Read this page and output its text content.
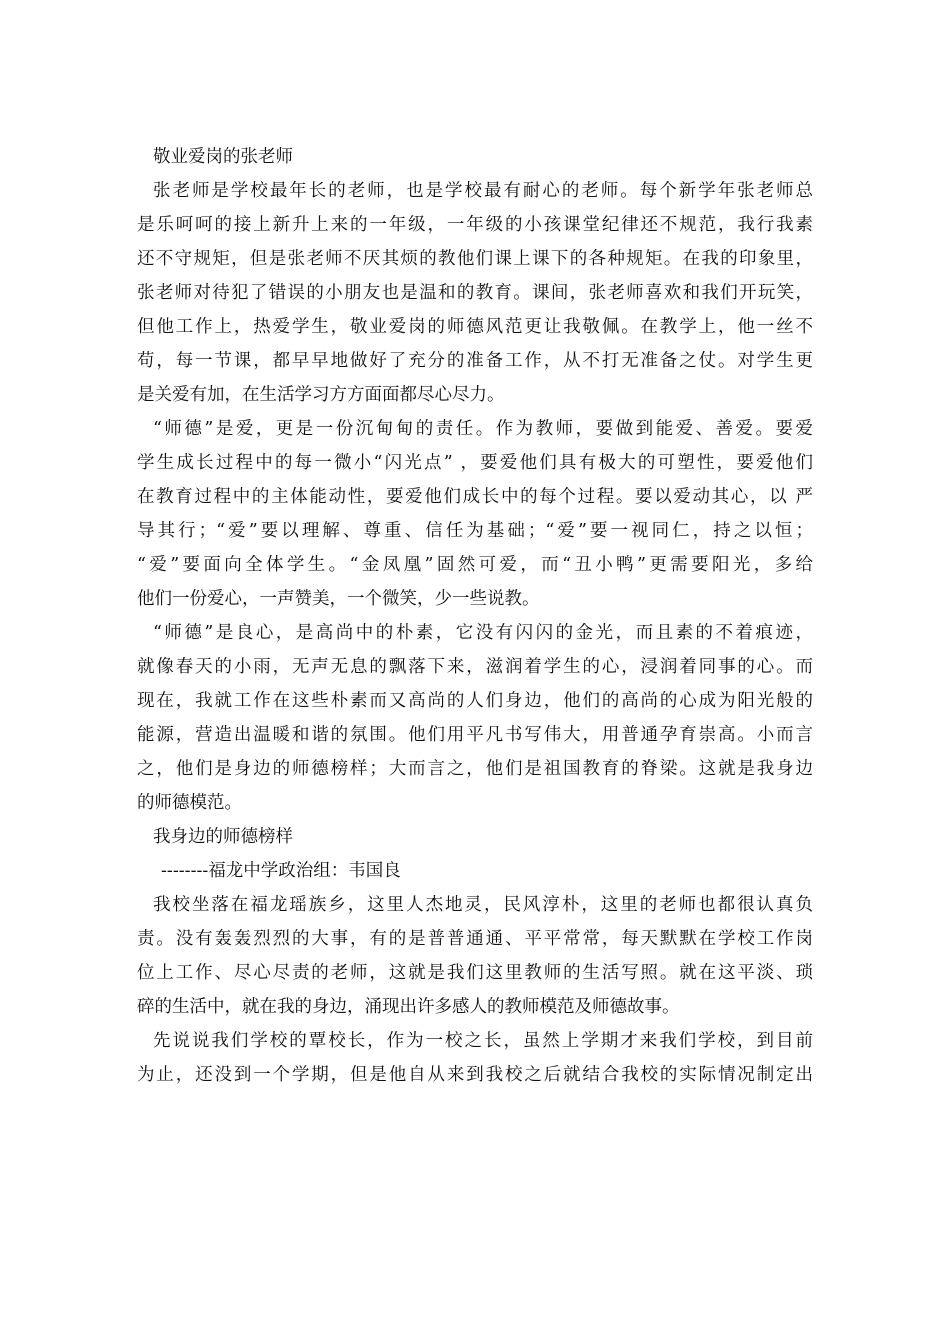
敬业爱岗的张老师
张老师是学校最年长的老师，也是学校最有耐心的老师。每个新学年张老师总
是乐呵呵的接上新升上来的一年级，一年级的小孩课堂纪律还不规范，我行我素
还不守规矩，但是张老师不厌其烦的教他们课上课下的各种规矩。在我的印象里，
张老师对待犯了错误的小朋友也是温和的教育。课间，张老师喜欢和我们开玩笑，
但他工作上，热爱学生，敬业爱岗的师德风范更让我敬佩。在教学上，他一丝不
苟，每一节课，都早早地做好了充分的准备工作，从不打无准备之仗。对学生更
是关爱有加，在生活学习方方面面都尽心尽力。
“师德”是爱，更是一份沉甸甸的责任。作为教师，要做到能爱、善爱。要爱
学生成长过程中的每一微小“闪光点” ，要爱他们具有极大的可塑性，要爱他们
在教育过程中的主体能动性，要爱他们成长中的每个过程。要以爱动其心，以 严
导其行；“爱”要以理解、尊重、信任为基础；“爱”要一视同仁，持之以恒；
“爱”要面向全体学生。“金凤凰”固然可爱，而“丑小鸭”更需要阳光，多给
他们一份爱心，一声赞美，一个微笑，少一些说教。
“师德”是良心，是高尚中的朴素，它没有闪闪的金光，而且素的不着痕迹，
就像春天的小雨，无声无息的飘落下来，滋润着学生的心，浸润着同事的心。而
现在，我就工作在这些朴素而又高尚的人们身边，他们的高尚的心成为阳光般的
能源，营造出温暖和谐的氛围。他们用平凡书写伟大，用普通孕育崇高。小而言
之，他们是身边的师德榜样；大而言之，他们是祖国教育的脊梁。这就是我身边
的师德模范。
我身边的师德榜样
--------福龙中学政治组：韦国良
我校坐落在福龙瑶族乡，这里人杰地灵，民风淳朴，这里的老师也都很认真负
责。没有轰轰烈烈的大事，有的是普普通通、平平常常，每天默默在学校工作岗
位上工作、尽心尽责的老师，这就是我们这里教师的生活写照。就在这平淡、琐
碎的生活中，就在我的身边，涌现出许多感人的教师模范及师德故事。
先说说我们学校的覃校长，作为一校之长，虽然上学期才来我们学校，到目前
为止，还没到一个学期，但是他自从来到我校之后就结合我校的实际情况制定出
